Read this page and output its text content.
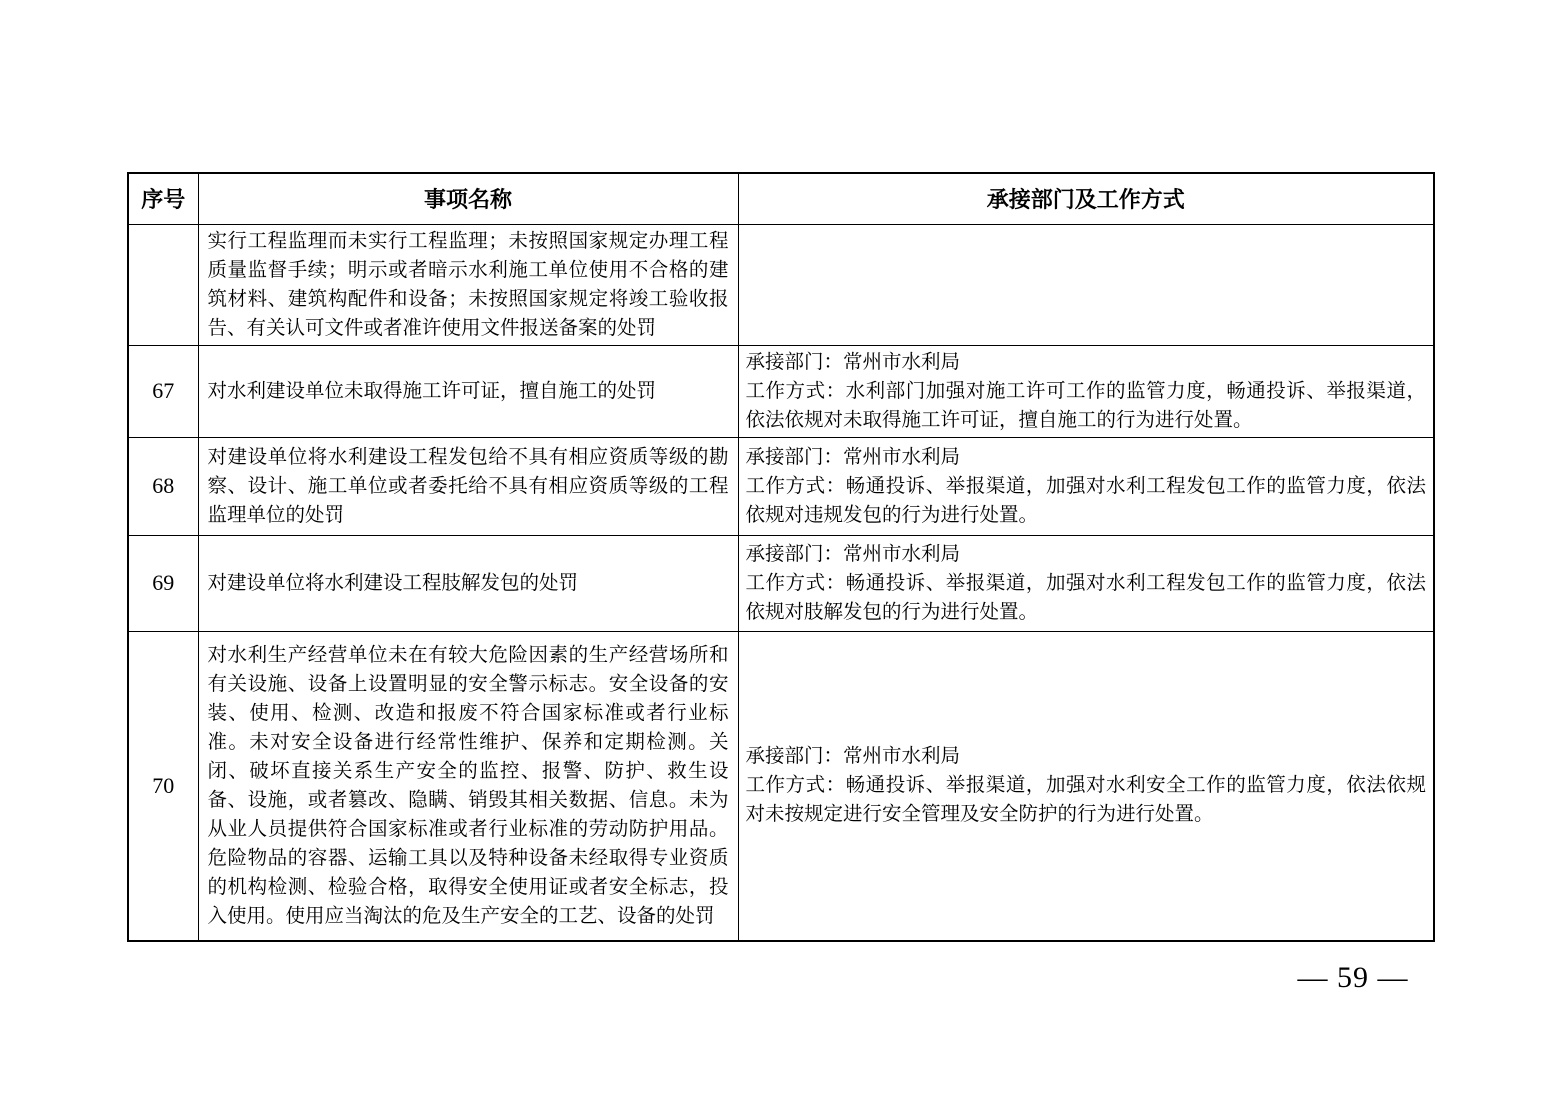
序号	事项名称	承接部门及工作方式
	实行工程监理而未实行工程监理；未按照国家规定办理工程质量监督手续；明示或者暗示水利施工单位使用不合格的建筑材料、建筑构配件和设备；未按照国家规定将竣工验收报告、有关认可文件或者准许使用文件报送备案的处罚	

67	对水利建设单位未取得施工许可证，擅自施工的处罚	承接部门：常州市水利局
工作方式：水利部门加强对施工许可工作的监管力度，畅通投诉、举报渠道，依法依规对未取得施工许可证，擅自施工的行为进行处置。

68	对建设单位将水利建设工程发包给不具有相应资质等级的勘察、设计、施工单位或者委托给不具有相应资质等级的工程监理单位的处罚	承接部门：常州市水利局
工作方式：畅通投诉、举报渠道，加强对水利工程发包工作的监管力度，依法依规对违规发包的行为进行处置。

69	对建设单位将水利建设工程肢解发包的处罚	承接部门：常州市水利局
工作方式：畅通投诉、举报渠道，加强对水利工程发包工作的监管力度，依法依规对肢解发包的行为进行处置。

70	对水利生产经营单位未在有较大危险因素的生产经营场所和有关设施、设备上设置明显的安全警示标志。安全设备的安装、使用、检测、改造和报废不符合国家标准或者行业标准。未对安全设备进行经常性维护、保养和定期检测。关闭、破坏直接关系生产安全的监控、报警、防护、救生设备、设施，或者篡改、隐瞒、销毁其相关数据、信息。未为从业人员提供符合国家标准或者行业标准的劳动防护用品。危险物品的容器、运输工具以及特种设备未经取得专业资质的机构检测、检验合格，取得安全使用证或者安全标志，投入使用。使用应当淘汰的危及生产安全的工艺、设备的处罚	承接部门：常州市水利局
工作方式：畅通投诉、举报渠道，加强对水利安全工作的监管力度，依法依规对未按规定进行安全管理及安全防护的行为进行处置。
— 59 —
